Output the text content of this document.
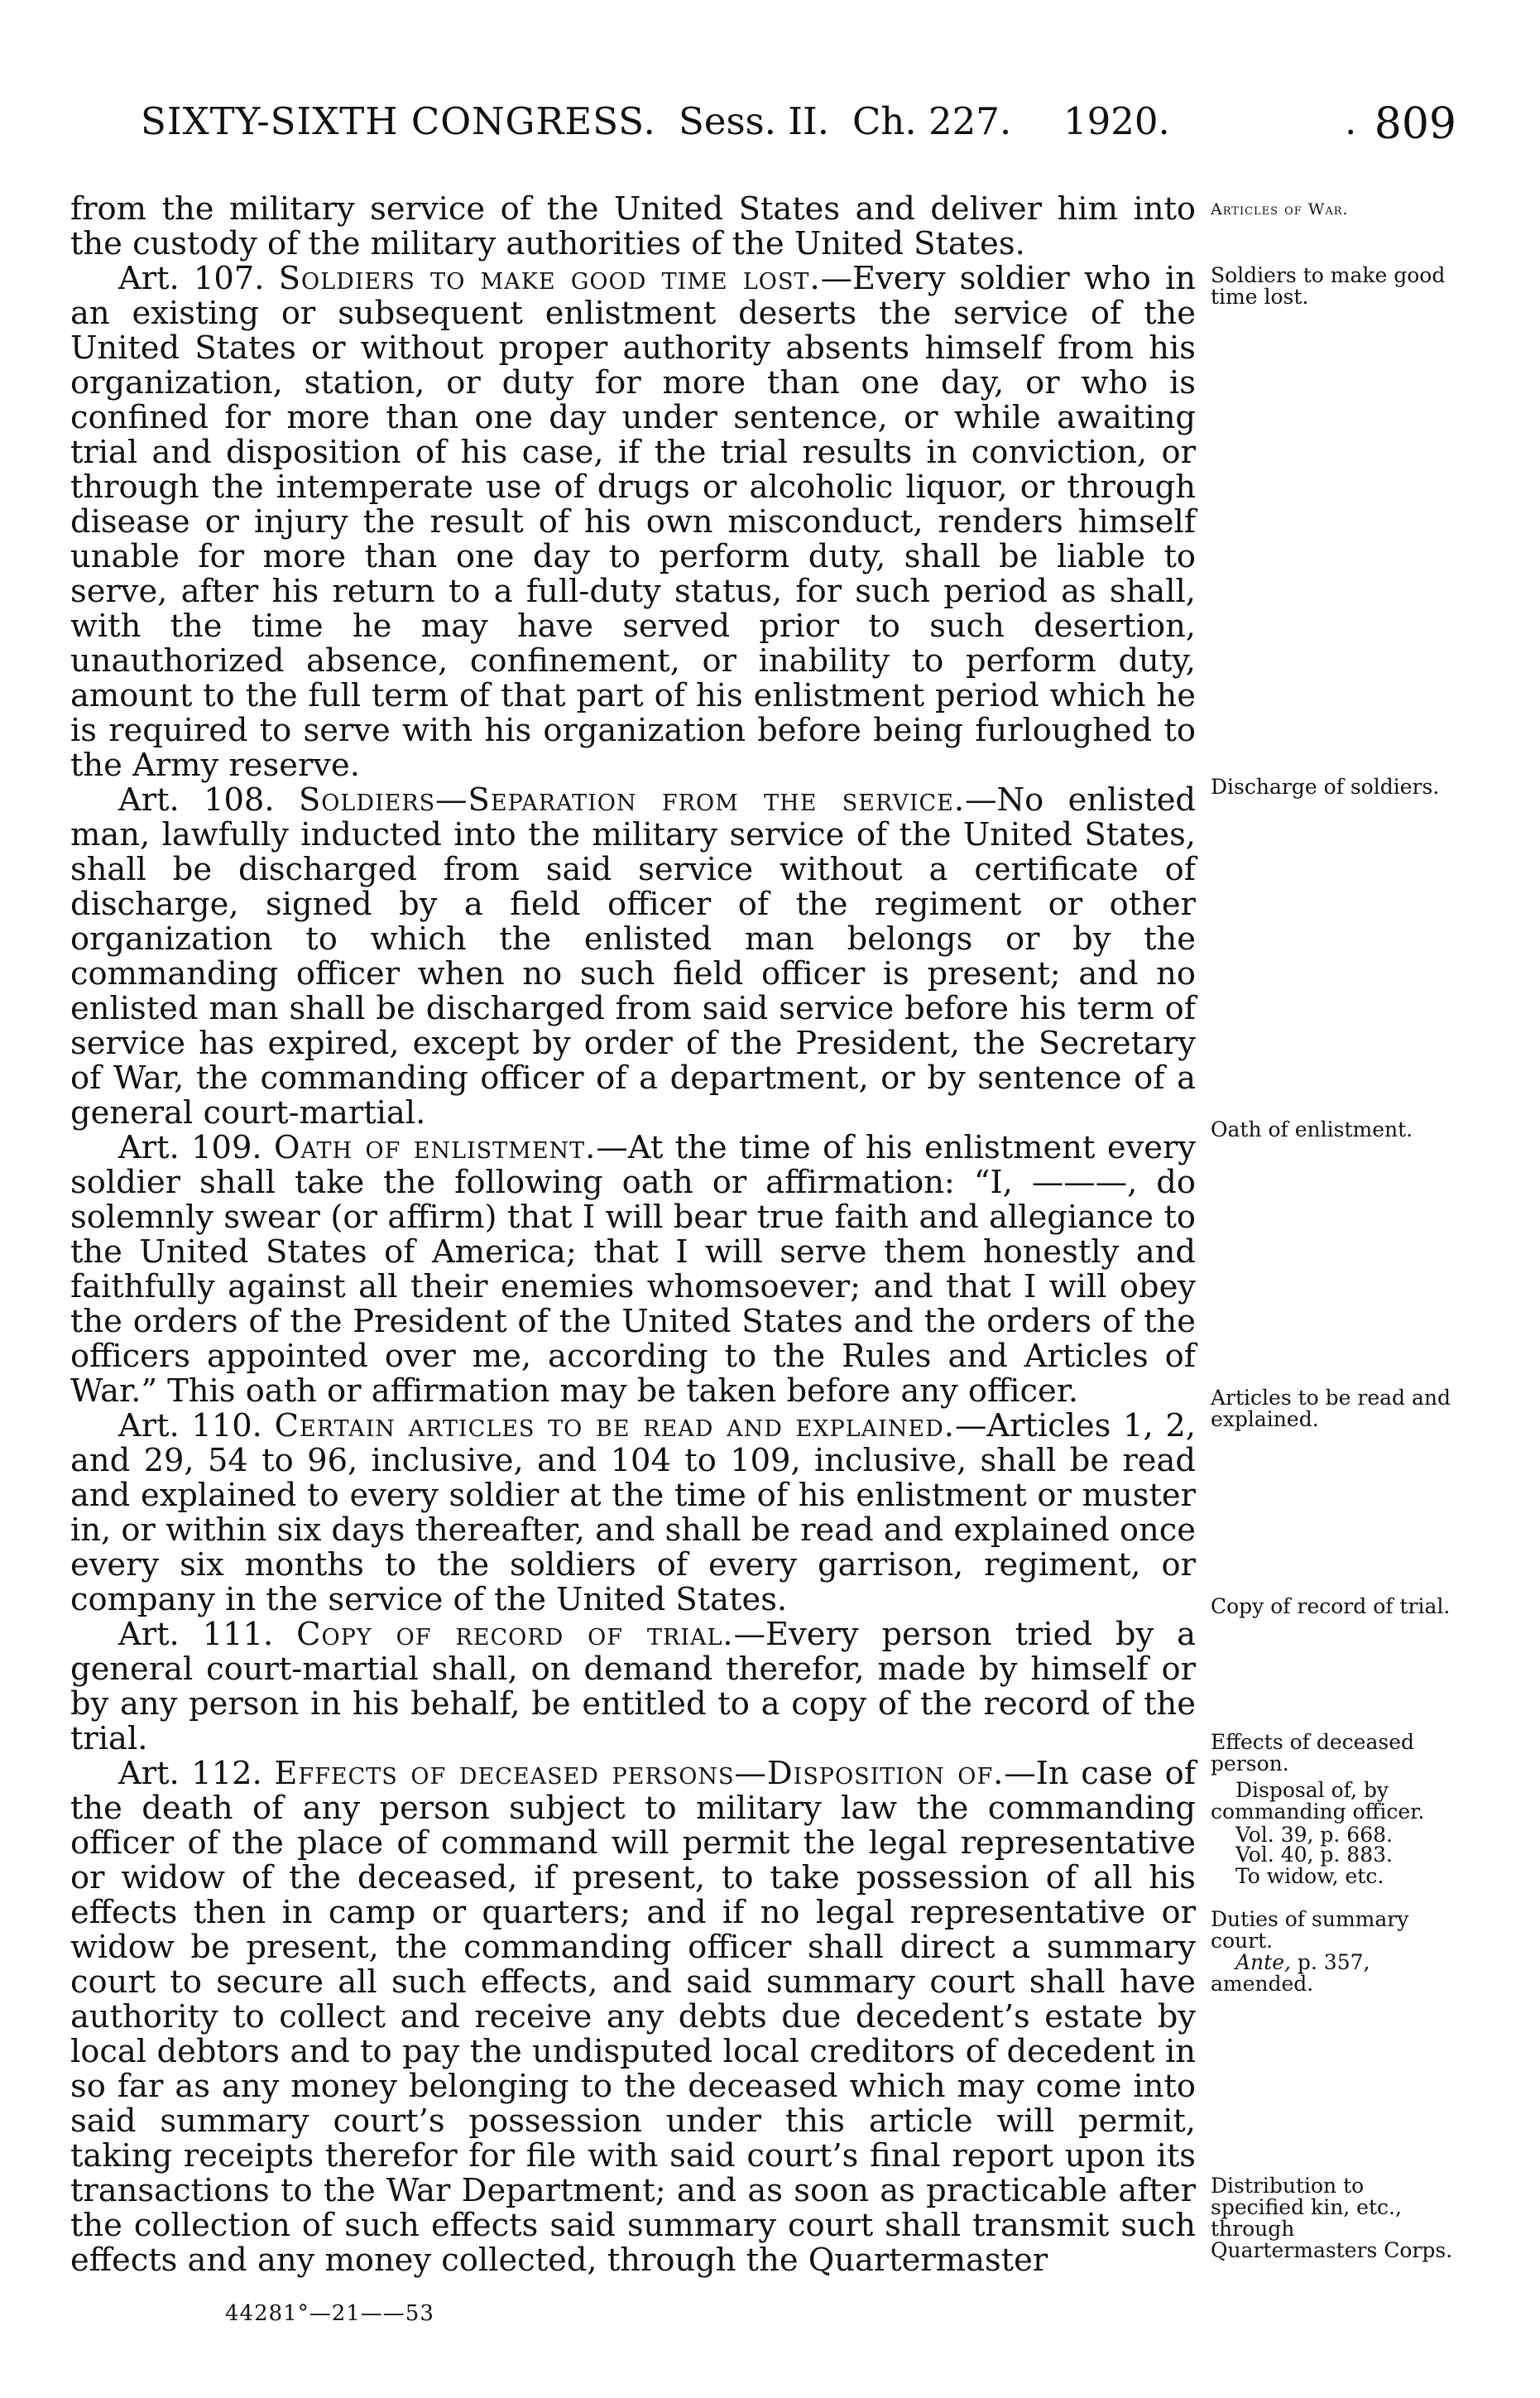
SIXTY-SIXTH CONGRESS. Sess. II. Ch. 227. 1920.	. 809

from the military service of the United States and deliver him into the custody of the military authorities of the United States.

Art. 107. Soldiers to make good time lost.—Every soldier who in an existing or subsequent enlistment deserts the service of the United States or without proper authority absents himself from his organization, station, or duty for more than one day, or who is confined for more than one day under sentence, or while awaiting trial and disposition of his case, if the trial results in conviction, or through the intemperate use of drugs or alcoholic liquor, or through disease or injury the result of his own misconduct, renders himself unable for more than one day to perform duty, shall be liable to serve, after his return to a full-duty status, for such period as shall, with the time he may have served prior to such desertion, unauthorized absence, confinement, or inability to perform duty, amount to the full term of that part of his enlistment period which he is required to serve with his organization before being furloughed to the Army reserve.

Art. 108. Soldiers—Separation from the service.—No enlisted man, lawfully inducted into the military service of the United States, shall be discharged from said service without a certificate of discharge, signed by a field officer of the regiment or other organization to which the enlisted man belongs or by the commanding officer when no such field officer is present; and no enlisted man shall be discharged from said service before his term of service has expired, except by order of the President, the Secretary of War, the commanding officer of a department, or by sentence of a general court-martial.

Art. 109. Oath of enlistment.—At the time of his enlistment every soldier shall take the following oath or affirmation: “I, ———, do solemnly swear (or affirm) that I will bear true faith and allegiance to the United States of America; that I will serve them honestly and faithfully against all their enemies whomsoever; and that I will obey the orders of the President of the United States and the orders of the officers appointed over me, according to the Rules and Articles of War.” This oath or affirmation may be taken before any officer.

Art. 110. Certain articles to be read and explained.—Articles 1, 2, and 29, 54 to 96, inclusive, and 104 to 109, inclusive, shall be read and explained to every soldier at the time of his enlistment or muster in, or within six days thereafter, and shall be read and explained once every six months to the soldiers of every garrison, regiment, or company in the service of the United States.

Art. 111. Copy of record of trial.—Every person tried by a general court-martial shall, on demand therefor, made by himself or by any person in his behalf, be entitled to a copy of the record of the trial.

Art. 112. Effects of deceased persons—Disposition of.—In case of the death of any person subject to military law the commanding officer of the place of command will permit the legal representative or widow of the deceased, if present, to take possession of all his effects then in camp or quarters; and if no legal representative or widow be present, the commanding officer shall direct a summary court to secure all such effects, and said summary court shall have authority to collect and receive any debts due decedent’s estate by local debtors and to pay the undisputed local creditors of decedent in so far as any money belonging to the deceased which may come into said summary court’s possession under this article will permit, taking receipts therefor for file with said court’s final report upon its transactions to the War Department; and as soon as practicable after the collection of such effects said summary court shall transmit such effects and any money collected, through the Quartermaster

Articles of War.
Soldiers to make good time lost.
Discharge of soldiers.
Oath of enlistment.
Articles to be read and explained.
Copy of record of trial.
Effects of deceased person.
Disposal of, by commanding officer.
Vol. 39, p. 668.
Vol. 40, p. 883.
To widow, etc.
Duties of summary court.
Ante, p. 357, amended.
Distribution to specified kin, etc., through Quartermasters Corps.
44281°—21——53
